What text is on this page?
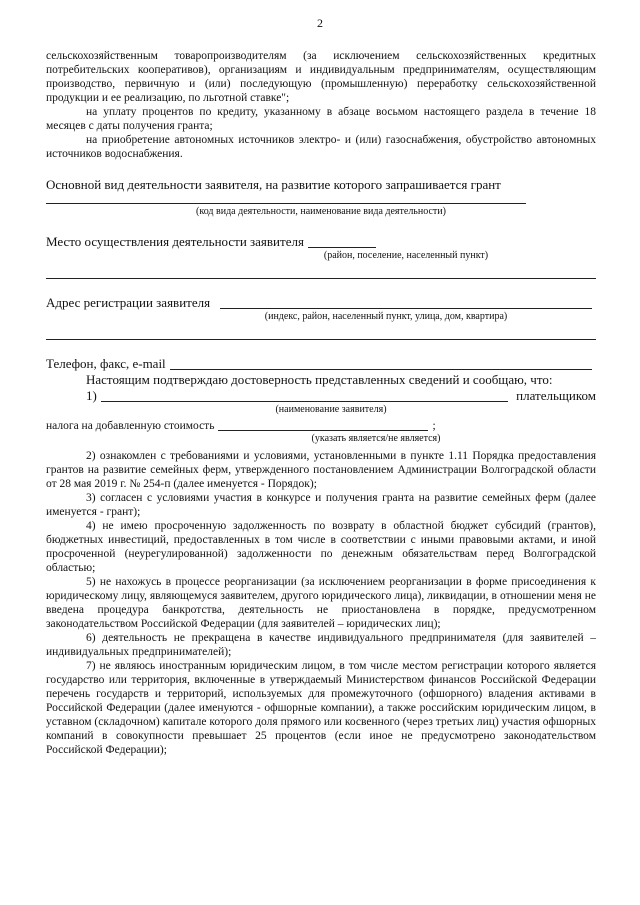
2

сельскохозяйственным товаропроизводителям (за исключением сельскохозяйственных кредитных потребительских кооперативов), организациям и индивидуальным предпринимателям, осуществляющим производство, первичную и (или) последующую (промышленную) переработку сельскохозяйственной продукции и ее реализацию, по льготной ставке";

на уплату процентов по кредиту, указанному в абзаце восьмом настоящего раздела в течение 18 месяцев с даты получения гранта;

на приобретение автономных источников электро- и (или) газоснабжения, обустройство автономных источников водоснабжения.

Основной вид деятельности заявителя, на развитие которого запрашивается грант

(код вида деятельности, наименование вида деятельности)
Место осуществления деятельности заявителя
(район, поселение, населенный пункт)
Адрес регистрации заявителя
(индекс, район, населенный пункт, улица, дом, квартира)
Телефон, факс, e-mail

Настоящим подтверждаю достоверность представленных сведений и сообщаю, что:

1)	плательщиком
(наименование заявителя)
налога на добавленную стоимость	;
(указать является/не является)

2) ознакомлен с требованиями и условиями, установленными в пункте 1.11 Порядка предоставления грантов на развитие семейных ферм, утвержденного постановлением Администрации Волгоградской области от 28 мая 2019 г. № 254-п (далее именуется - Порядок);

3) согласен с условиями участия в конкурсе и получения гранта на развитие семейных ферм (далее именуется - грант);

4) не имею просроченную задолженность по возврату в областной бюджет субсидий (грантов), бюджетных инвестиций, предоставленных в том числе в соответствии с иными правовыми актами, и иной просроченной (неурегулированной) задолженности по денежным обязательствам перед Волгоградской областью;

5) не нахожусь в процессе реорганизации (за исключением реорганизации в форме присоединения к юридическому лицу, являющемуся заявителем, другого юридического лица), ликвидации, в отношении меня не введена процедура банкротства, деятельность не приостановлена в порядке, предусмотренном законодательством Российской Федерации (для заявителей – юридических лиц);

6) деятельность не прекращена в качестве индивидуального предпринимателя (для заявителей – индивидуальных предпринимателей);

7) не являюсь иностранным юридическим лицом, в том числе местом регистрации которого является государство или территория, включенные в утверждаемый Министерством финансов Российской Федерации перечень государств и территорий, используемых для промежуточного (офшорного) владения активами в Российской Федерации (далее именуются - офшорные компании), а также российским юридическим лицом, в уставном (складочном) капитале которого доля прямого или косвенного (через третьих лиц) участия офшорных компаний в совокупности превышает 25 процентов (если иное не предусмотрено законодательством Российской Федерации);
